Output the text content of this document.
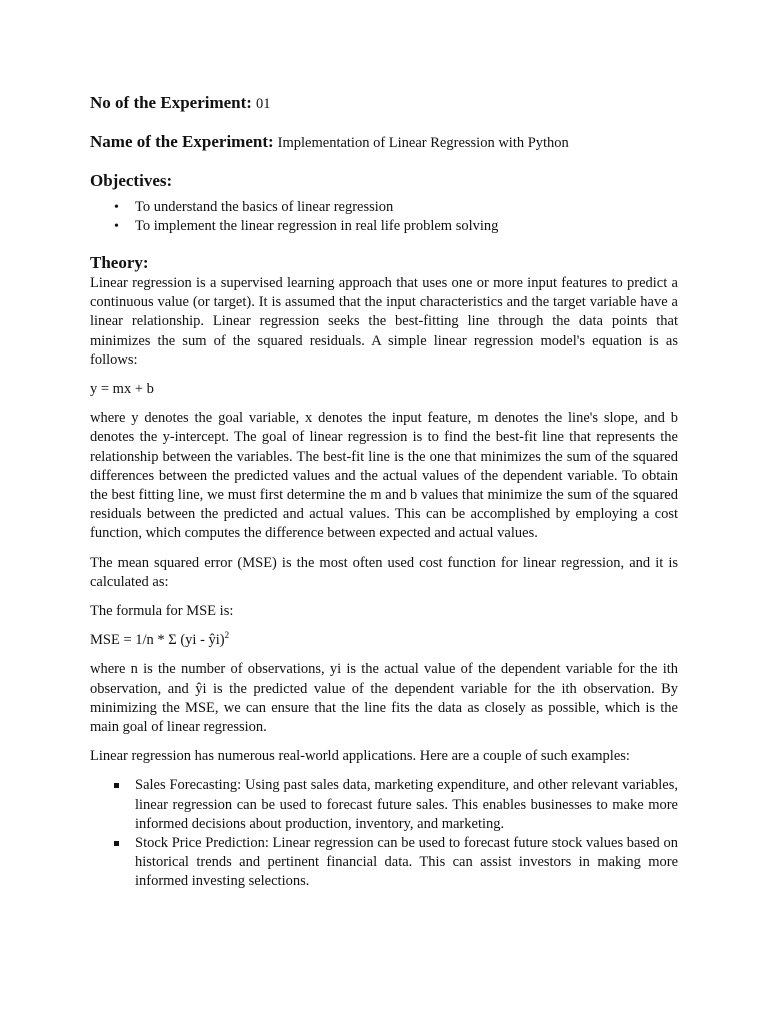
No of the Experiment: 01

Name of the Experiment: Implementation of Linear Regression with Python

Objectives:

• To understand the basics of linear regression
• To implement the linear regression in real life problem solving

Theory:

Linear regression is a supervised learning approach that uses one or more input features to predict a continuous value (or target). It is assumed that the input characteristics and the target variable have a linear relationship. Linear regression seeks the best-fitting line through the data points that minimizes the sum of the squared residuals. A simple linear regression model's equation is as follows:

y = mx + b

where y denotes the goal variable, x denotes the input feature, m denotes the line's slope, and b denotes the y-intercept. The goal of linear regression is to find the best-fit line that represents the relationship between the variables. The best-fit line is the one that minimizes the sum of the squared differences between the predicted values and the actual values of the dependent variable. To obtain the best fitting line, we must first determine the m and b values that minimize the sum of the squared residuals between the predicted and actual values. This can be accomplished by employing a cost function, which computes the difference between expected and actual values.

The mean squared error (MSE) is the most often used cost function for linear regression, and it is calculated as:

The formula for MSE is:

MSE = 1/n * Σ (yi - ŷi)$^2$

where n is the number of observations, yi is the actual value of the dependent variable for the ith observation, and ŷi is the predicted value of the dependent variable for the ith observation. By minimizing the MSE, we can ensure that the line fits the data as closely as possible, which is the main goal of linear regression.

Linear regression has numerous real-world applications. Here are a couple of such examples:

Sales Forecasting: Using past sales data, marketing expenditure, and other relevant variables, linear regression can be used to forecast future sales. This enables businesses to make more informed decisions about production, inventory, and marketing.
Stock Price Prediction: Linear regression can be used to forecast future stock values based on historical trends and pertinent financial data. This can assist investors in making more informed investing selections.
